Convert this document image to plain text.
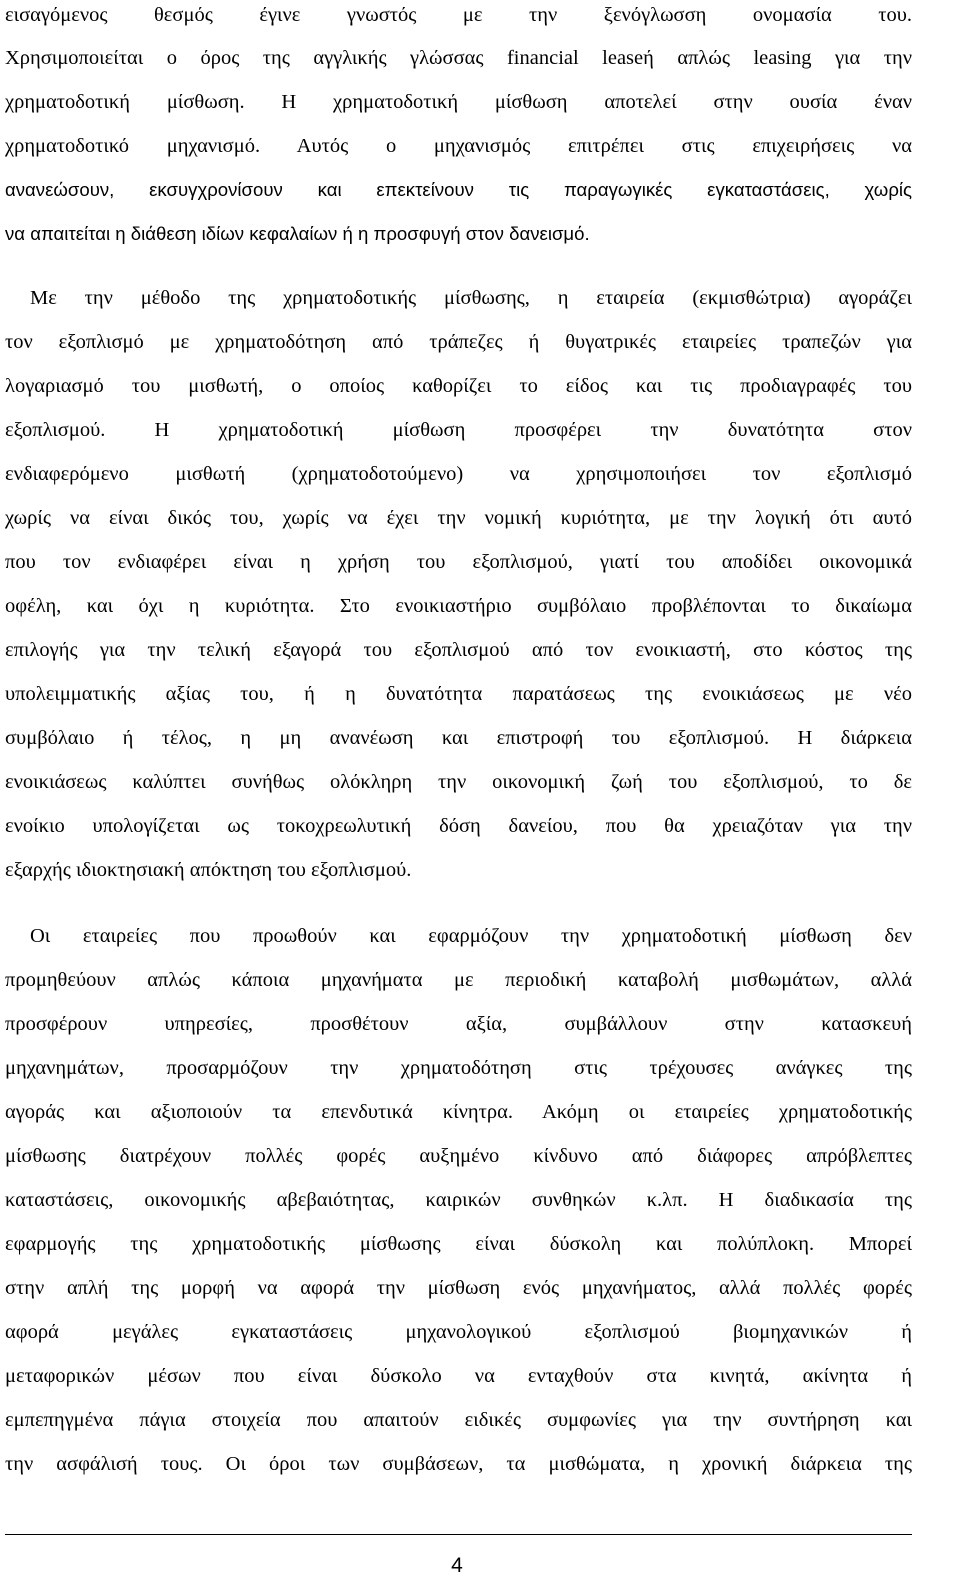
εισαγόμενος θεσμός έγινε γνωστός με την ξενόγλωσση ονομασία του.
Χρησιμοποιείται ο όρος της αγγλικής γλώσσας financial leaseή απλώς leasing για την
χρηματοδοτική μίσθωση. Η χρηματοδοτική μίσθωση αποτελεί στην ουσία έναν
χρηματοδοτικό μηχανισμό. Αυτός ο μηχανισμός επιτρέπει στις επιχειρήσεις να
ανανεώσουν, εκσυγχρονίσουν και επεκτείνουν τις παραγωγικές εγκαταστάσεις, χωρίς
να απαιτείται η διάθεση ιδίων κεφαλαίων ή η προσφυγή στον δανεισμό.
Με την μέθοδο της χρηματοδοτικής μίσθωσης, η εταιρεία (εκμισθώτρια) αγοράζει
τον εξοπλισμό με χρηματοδότηση από τράπεζες ή θυγατρικές εταιρείες τραπεζών για
λογαριασμό του μισθωτή, ο οποίος καθορίζει το είδος και τις προδιαγραφές του
εξοπλισμού. Η χρηματοδοτική μίσθωση προσφέρει την δυνατότητα στον
ενδιαφερόμενο μισθωτή (χρηματοδοτούμενο) να χρησιμοποιήσει τον εξοπλισμό
χωρίς να είναι δικός του, χωρίς να έχει την νομική κυριότητα, με την λογική ότι αυτό
που τον ενδιαφέρει είναι η χρήση του εξοπλισμού, γιατί του αποδίδει οικονομικά
οφέλη, και όχι η κυριότητα. Στο ενοικιαστήριο συμβόλαιο προβλέπονται το δικαίωμα
επιλογής για την τελική εξαγορά του εξοπλισμού από τον ενοικιαστή, στο κόστος της
υπολειμματικής αξίας του, ή η δυνατότητα παρατάσεως της ενοικιάσεως με νέο
συμβόλαιο ή τέλος, η μη ανανέωση και επιστροφή του εξοπλισμού. Η διάρκεια
ενοικιάσεως καλύπτει συνήθως ολόκληρη την οικονομική ζωή του εξοπλισμού, το δε
ενοίκιο υπολογίζεται ως τοκοχρεωλυτική δόση δανείου, που θα χρειαζόταν για την
εξαρχής ιδιοκτησιακή απόκτηση του εξοπλισμού.
Οι εταιρείες που προωθούν και εφαρμόζουν την χρηματοδοτική μίσθωση δεν
προμηθεύουν απλώς κάποια μηχανήματα με περιοδική καταβολή μισθωμάτων, αλλά
προσφέρουν υπηρεσίες, προσθέτουν αξία, συμβάλλουν στην κατασκευή
μηχανημάτων, προσαρμόζουν την χρηματοδότηση στις τρέχουσες ανάγκες της
αγοράς και αξιοποιούν τα επενδυτικά κίνητρα. Ακόμη οι εταιρείες χρηματοδοτικής
μίσθωσης διατρέχουν πολλές φορές αυξημένο κίνδυνο από διάφορες απρόβλεπτες
καταστάσεις, οικονομικής αβεβαιότητας, καιρικών συνθηκών κ.λπ. Η διαδικασία της
εφαρμογής της χρηματοδοτικής μίσθωσης είναι δύσκολη και πολύπλοκη. Μπορεί
στην απλή της μορφή να αφορά την μίσθωση ενός μηχανήματος, αλλά πολλές φορές
αφορά μεγάλες εγκαταστάσεις μηχανολογικού εξοπλισμού βιομηχανικών ή
μεταφορικών μέσων που είναι δύσκολο να ενταχθούν στα κινητά, ακίνητα ή
εμπεπηγμένα πάγια στοιχεία που απαιτούν ειδικές συμφωνίες για την συντήρηση και
την ασφάλισή τους. Οι όροι των συμβάσεων, τα μισθώματα, η χρονική διάρκεια της
4
